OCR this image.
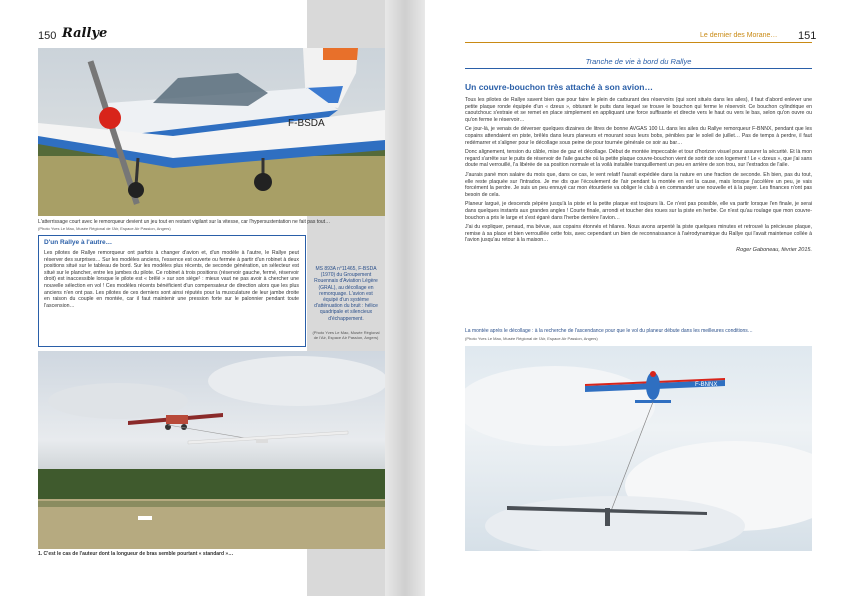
150 Rallye
F-BSDA
L'atterrissage court avec le remorqueur devient un jeu tout en restant vigilant sur la vitesse, car l'hypersustentation ne fait pas tout…
(Photo Yves Le Mao, Musée Régional de l'Air, Espace Air Passion, Angers)
D'un Rallye à l'autre…
Les pilotes de Rallye remorqueur ont parfois à changer d'avion et, d'un modèle à l'autre, le Rallye peut réserver des surprises… Sur les modèles anciens, l'essence est ouverte ou fermée à partir d'un robinet à deux positions situé sur le tableau de bord. Sur les modèles plus récents, de seconde génération, un sélecteur est situé sur le plancher, entre les jambes du pilote. Ce robinet à trois positions (réservoir gauche, fermé, réservoir droit) est inaccessible lorsque le pilote est « brêlé » sur son siège¹ : mieux vaut ne pas avoir à chercher une nouvelle sélection en vol ! Ces modèles récents bénéficient d'un compensateur de direction alors que les plus anciens n'en ont pas. Les pilotes de ces derniers sont ainsi réputés pour la musculature de leur jambe droite en raison du couple en montée, car il faut maintenir une pression forte sur le palonnier pendant toute l'ascension…
MS 893A n°11465, F-BSDA (1970) du Groupement Rouennais d'Aviation Légère (GRAL), au décollage en remorquage. L'avion est équipé d'un système d'atténuation du bruit : hélice quadripale et silencieux d'échappement.
(Photo Yves Le Mao, Musée Régional de l'Air, Espace Air Passion, Angers)
1. C'est le cas de l'auteur dont la longueur de bras semble pourtant « standard »…
Le dernier des Morane… 151
Tranche de vie à bord du Rallye
Un couvre-bouchon très attaché à son avion…

Tous les pilotes de Rallye savent bien que pour faire le plein de carburant des réservoirs (qui sont situés dans les ailes), il faut d'abord enlever une petite plaque ronde équipée d'un « dzeus », obturant le puits dans lequel se trouve le bouchon qui ferme le réservoir. Ce bouchon cylindrique en caoutchouc s'extraie et se remet en place simplement en appliquant une force suffisante et directe vers le haut ou vers le bas, selon qu'on ouvre ou qu'on ferme le réservoir…

Ce jour-là, je venais de déverser quelques dizaines de litres de bonne AVGAS 100 LL dans les ailes du Rallye remorqueur F-BNNX, pendant que les copains attendaient en piste, brêlés dans leurs planeurs et mourant sous leurs bobs, pénibles par le soleil de juillet… Pas de temps à perdre, il faut redémarrer et s'aligner pour le décollage sous peine de pour tournée générale ce soir au bar…

Donc alignement, tension du câble, mise de gaz et décollage. Début de montée impeccable et tour d'horizon visuel pour assurer la sécurité. Et là mon regard s'arrête sur le puits de réservoir de l'aile gauche où la petite plaque couvre-bouchon vient de sortir de son logement ! Le « dzeus », que j'ai sans doute mal verrouillé, l'a libérée de sa position normale et la voilà installée tranquillement un peu en arrière de son trou, sur l'extrados de l'aile.

J'aurais pané mon salaire du mois que, dans ce cas, le vent relatif l'aurait expédiée dans la nature en une fraction de seconde. Eh bien, pas du tout, elle reste plaquée sur l'intrados. Je me dis que l'écoulement de l'air pendant la montée en est la cause, mais lorsque j'accélère un peu, je vais forcément la perdre. Je suis un peu ennuyé car mon étourderie va obliger le club à en commander une nouvelle et à la payer. Les finances n'ont pas besoin de cela.

Planeur largué, je descends pépère jusqu'à la piste et la petite plaque est toujours là. Ce n'est pas possible, elle va partir lorsque l'en finale, je serai dans quelques instants aux grandes angles ! Courte finale, arrondi et toucher des roues sur la piste en herbe. Ce n'est qu'au roulage que mon couvre-bouchon a pris le large et s'est égaré dans l'herbe derrière l'avion…

J'ai du expliquer, penaud, ma bévue, aux copains étonnés et hilares. Nous avons arpenté la piste quelques minutes et retrouvé la précieuse plaque, remise à sa place et bien verrouillée cette fois, avec cependant un bien de reconnaissance à l'aérodynamique du Rallye qui l'avait maintenue collée à l'avion jusqu'au retour à la maison…

Roger Gaboneau, février 2015.
La montée après le décollage : à la recherche de l'ascendance pour que le vol du planeur débute dans les meilleures conditions…
(Photo Yves Le Mao, Musée Régional de l'Air, Espace Air Passion, Angers)
F-BNNX
